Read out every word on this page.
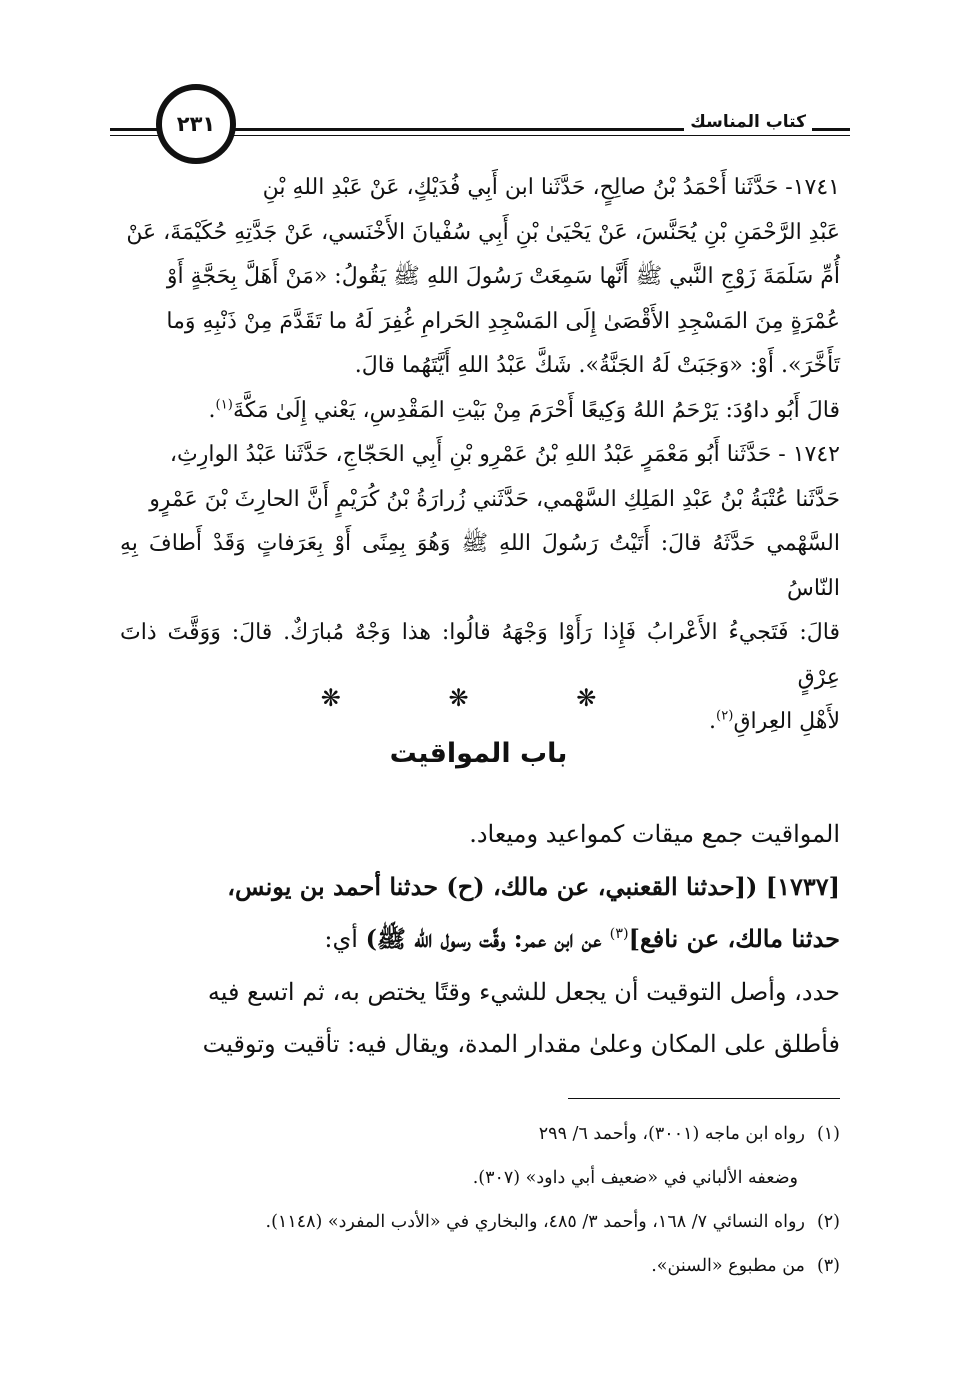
٢٣١	كتاب المناسك

١٧٤١- حَدَّثَنا أَحْمَدُ بْنُ صالِحٍ، حَدَّثَنا ابن أَبِي فُدَيْكٍ، عَنْ عَبْدِ اللهِ بْنِ

عَبْدِ الرَّحْمَنِ بْنِ يُحَنَّسَ، عَنْ يَحْيَىٰ بْنِ أَبِي سُفْيانَ الأَخْنَسي، عَنْ جَدَّتِهِ حُكَيْمَةَ، عَنْ

أُمِّ سَلَمَةَ زَوْجِ النَّبي ﷺ أَنَّها سَمِعَتْ رَسُولَ اللهِ ﷺ يَقُولُ: «مَنْ أَهَلَّ بِحَجَّةٍ أَوْ

عُمْرَةٍ مِنَ المَسْجِدِ الأَقْصَىٰ إِلَى المَسْجِدِ الحَرامِ غُفِرَ لَهُ ما تَقَدَّمَ مِنْ ذَنْبِهِ وَما

تَأَخَّرَ». أَوْ: «وَجَبَتْ لَهُ الجَنَّةُ». شَكَّ عَبْدُ اللهِ أَيَّتَهُما قالَ.

قالَ أَبُو داوُدَ: يَرْحَمُ اللهُ وَكِيعًا أَحْرَمَ مِنْ بَيْتِ المَقْدِسِ، يَعْني إِلَىٰ مَكَّةَ$^{(١)}$.

١٧٤٢ - حَدَّثَنا أَبُو مَعْمَرٍ عَبْدُ اللهِ بْنُ عَمْرِو بْنِ أَبِي الحَجّاجِ، حَدَّثَنا عَبْدُ الوارِثِ،

حَدَّثَنا عُتْبَةُ بْنُ عَبْدِ المَلِكِ السَّهْمي، حَدَّثَني زُرارَةُ بْنُ كُرَيْمٍ أَنَّ الحارِثَ بْنَ عَمْرٍو

السَّهْمي حَدَّثَهُ قالَ: أَتَيْتُ رَسُولَ اللهِ ﷺ وَهُوَ بِمِنًى أَوْ بِعَرَفاتٍ وَقَدْ أَطافَ بِهِ النّاسُ

قالَ: فَتَجيءُ الأَعْرابُ فَإِذا رَأَوْا وَجْهَهُ قالُوا: هذا وَجْهٌ مُبارَكٌ. قالَ: وَوَقَّتَ ذاتَ عِرْقٍ

لأَهْلِ العِراقِ$^{(٢)}$.

❋	❋	❋
باب المواقيت

المواقيت جمع ميقات كمواعيد وميعاد.

[١٧٣٧] ([حدثنا القعنبي، عن مالك، (ح) حدثنا أحمد بن يونس،

حدثنا مالك، عن نافع]$^{(٣)}$ عن ابن عمر: وقَّت رسول الله ﷺ) أي:

حدد، وأصل التوقيت أن يجعل للشيء وقتًا يختص به، ثم اتسع فيه

فأطلق على المكان وعلىٰ مقدار المدة، ويقال فيه: تأقيت وتوقيت

(١)رواه ابن ماجه (٣٠٠١)، وأحمد ٦/ ٢٩٩

وضعفه الألباني في «ضعيف أبي داود» (٣٠٧).

(٢)رواه النسائي ٧/ ١٦٨، وأحمد ٣/ ٤٨٥، والبخاري في «الأدب المفرد» (١١٤٨).

(٣)من مطبوع «السنن».
